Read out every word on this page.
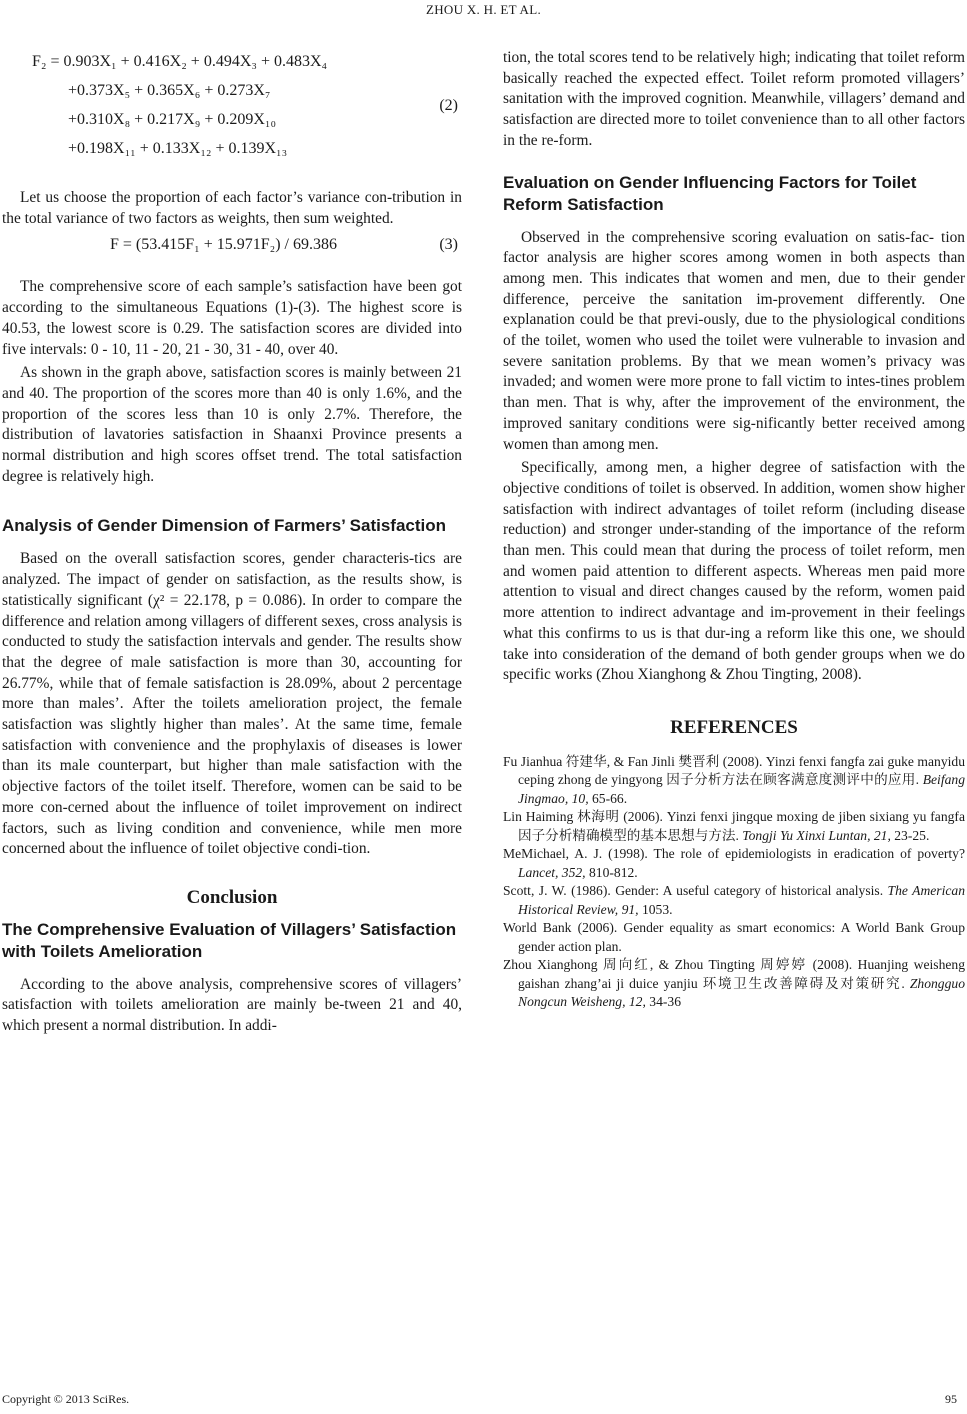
ZHOU X. H. ET AL.
F₂ = 0.903X₁ + 0.416X₂ + 0.494X₃ + 0.483X₄
+0.373X₅ + 0.365X₆ + 0.273X₇
+0.310X₈ + 0.217X₉ + 0.209X₁₀
+0.198X₁₁ + 0.133X₁₂ + 0.139X₁₃
(2)

Let us choose the proportion of each factor’s variance con-tribution in the total variance of two factors as weights, then sum weighted.

F = (53.415F₁ + 15.971F₂) / 69.386	(3)

The comprehensive score of each sample’s satisfaction have been got according to the simultaneous Equations (1)-(3). The highest score is 40.53, the lowest score is 0.29. The satisfaction scores are divided into five intervals: 0 - 10, 11 - 20, 21 - 30, 31 - 40, over 40.

As shown in the graph above, satisfaction scores is mainly between 21 and 40. The proportion of the scores more than 40 is only 1.6%, and the proportion of the scores less than 10 is only 2.7%. Therefore, the distribution of lavatories satisfaction in Shaanxi Province presents a normal distribution and high scores offset trend. The total satisfaction degree is relatively high.

Analysis of Gender Dimension of Farmers’ Satisfaction

Based on the overall satisfaction scores, gender characteris-tics are analyzed. The impact of gender on satisfaction, as the results show, is statistically significant (χ² = 22.178, p = 0.086). In order to compare the difference and relation among villagers of different sexes, cross analysis is conducted to study the satisfaction intervals and gender. The results show that the degree of male satisfaction is more than 30, accounting for 26.77%, while that of female satisfaction is 28.09%, about 2 percentage more than males’. After the toilets amelioration project, the female satisfaction was slightly higher than males’. At the same time, female satisfaction with convenience and the prophylaxis of diseases is lower than its male counterpart, but higher than male satisfaction with the objective factors of the toilet itself. Therefore, women can be said to be more con-cerned about the influence of toilet improvement on indirect factors, such as living condition and convenience, while men more concerned about the influence of toilet objective condi-tion.

Conclusion
The Comprehensive Evaluation of Villagers’ Satisfaction with Toilets Amelioration

According to the above analysis, comprehensive scores of villagers’ satisfaction with toilets amelioration are mainly be-tween 21 and 40, which present a normal distribution. In addi-

tion, the total scores tend to be relatively high; indicating that toilet reform basically reached the expected effect. Toilet reform promoted villagers’ sanitation with the improved cognition. Meanwhile, villagers’ demand and satisfaction are directed more to toilet convenience than to all other factors in the re-form.

Evaluation on Gender Influencing Factors for Toilet Reform Satisfaction

Observed in the comprehensive scoring evaluation on satis-fac- tion factor analysis are higher scores among women in both aspects than among men. This indicates that women and men, due to their gender difference, perceive the sanitation im-provement differently. One explanation could be that previ-ously, due to the physiological conditions of the toilet, women who used the toilet were vulnerable to invasion and severe sanitation problems. By that we mean women’s privacy was invaded; and women were more prone to fall victim to intes-tines problem than men. That is why, after the improvement of the environment, the improved sanitary conditions were sig-nificantly better received among women than among men.

Specifically, among men, a higher degree of satisfaction with the objective conditions of toilet is observed. In addition, women show higher satisfaction with indirect advantages of toilet reform (including disease reduction) and stronger under-standing of the importance of the reform than men. This could mean that during the process of toilet reform, men and women paid attention to different aspects. Whereas men paid more attention to visual and direct changes caused by the reform, women paid more attention to indirect advantage and im-provement in their feelings what this confirms to us is that dur-ing a reform like this one, we should take into consideration of the demand of both gender groups when we do specific works (Zhou Xianghong & Zhou Tingting, 2008).

REFERENCES

Fu Jianhua 符建华, & Fan Jinli 樊晋利 (2008). Yinzi fenxi fangfa zai guke manyidu ceping zhong de yingyong 因子分析方法在顾客满意度测评中的应用. Beifang Jingmao, 10, 65-66.

Lin Haiming 林海明 (2006). Yinzi fenxi jingque moxing de jiben sixiang yu fangfa 因子分析精确模型的基本思想与方法. Tongji Yu Xinxi Luntan, 21, 23-25.

MeMichael, A. J. (1998). The role of epidemiologists in eradication of poverty? Lancet, 352, 810-812.

Scott, J. W. (1986). Gender: A useful category of historical analysis. The American Historical Review, 91, 1053.

World Bank (2006). Gender equality as smart economics: A World Bank Group gender action plan.

Zhou Xianghong 周向红, & Zhou Tingting 周婷婷 (2008). Huanjing weisheng gaishan zhang’ai ji duice yanjiu 环境卫生改善障碍及对策研究. Zhongguo Nongcun Weisheng, 12, 34-36

Copyright © 2013 SciRes.	95
